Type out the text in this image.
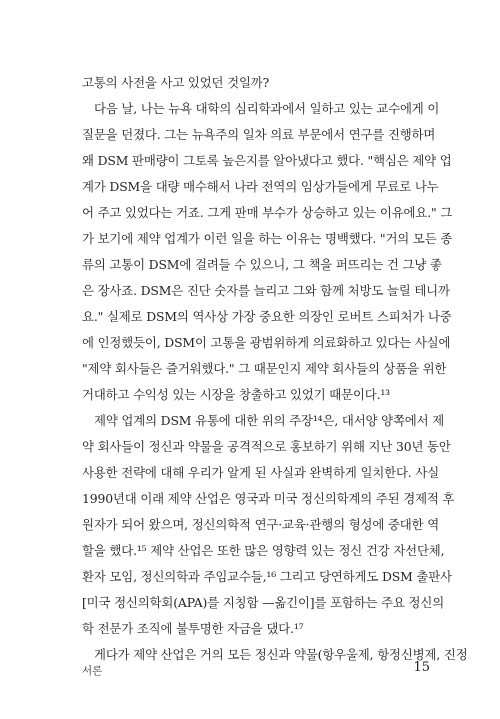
고통의 사전을 사고 있었던 것일까?
다음 날, 나는 뉴욕 대학의 심리학과에서 일하고 있는 교수에게 이
질문을 던졌다. 그는 뉴욕주의 일차 의료 부문에서 연구를 진행하며
왜 DSM 판매량이 그토록 높은지를 알아냈다고 했다. "핵심은 제약 업
계가 DSM을 대량 매수해서 나라 전역의 임상가들에게 무료로 나누
어 주고 있었다는 거죠. 그게 판매 부수가 상승하고 있는 이유에요." 그
가 보기에 제약 업계가 이런 일을 하는 이유는 명백했다. "거의 모든 종
류의 고통이 DSM에 걸려들 수 있으니, 그 책을 퍼뜨리는 건 그냥 좋
은 장사죠. DSM은 진단 숫자를 늘리고 그와 함께 처방도 늘릴 테니까
요." 실제로 DSM의 역사상 가장 중요한 의장인 로버트 스피처가 나중
에 인정했듯이, DSM이 고통을 광범위하게 의료화하고 있다는 사실에
"제약 회사들은 즐거워했다." 그 때문인지 제약 회사들의 상품을 위한
거대하고 수익성 있는 시장을 창출하고 있었기 때문이다.¹³
제약 업계의 DSM 유통에 대한 위의 주장¹⁴은, 대서양 양쪽에서 제
약 회사들이 정신과 약물을 공격적으로 홍보하기 위해 지난 30년 동안
사용한 전략에 대해 우리가 알게 된 사실과 완벽하게 일치한다. 사실
1990년대 이래 제약 산업은 영국과 미국 정신의학계의 주된 경제적 후
원자가 되어 왔으며, 정신의학적 연구·교육·관행의 형성에 중대한 역
할을 했다.¹⁵ 제약 산업은 또한 많은 영향력 있는 정신 건강 자선단체,
환자 모임, 정신의학과 주임교수들,¹⁶ 그리고 당연하게도 DSM 출판사
[미국 정신의학회(APA)를 지칭함 —옮긴이]를 포함하는 주요 정신의
학 전문가 조직에 불투명한 자금을 댔다.¹⁷
게다가 제약 산업은 거의 모든 정신과 약물(항우울제, 항정신병제, 진정
서론	15
